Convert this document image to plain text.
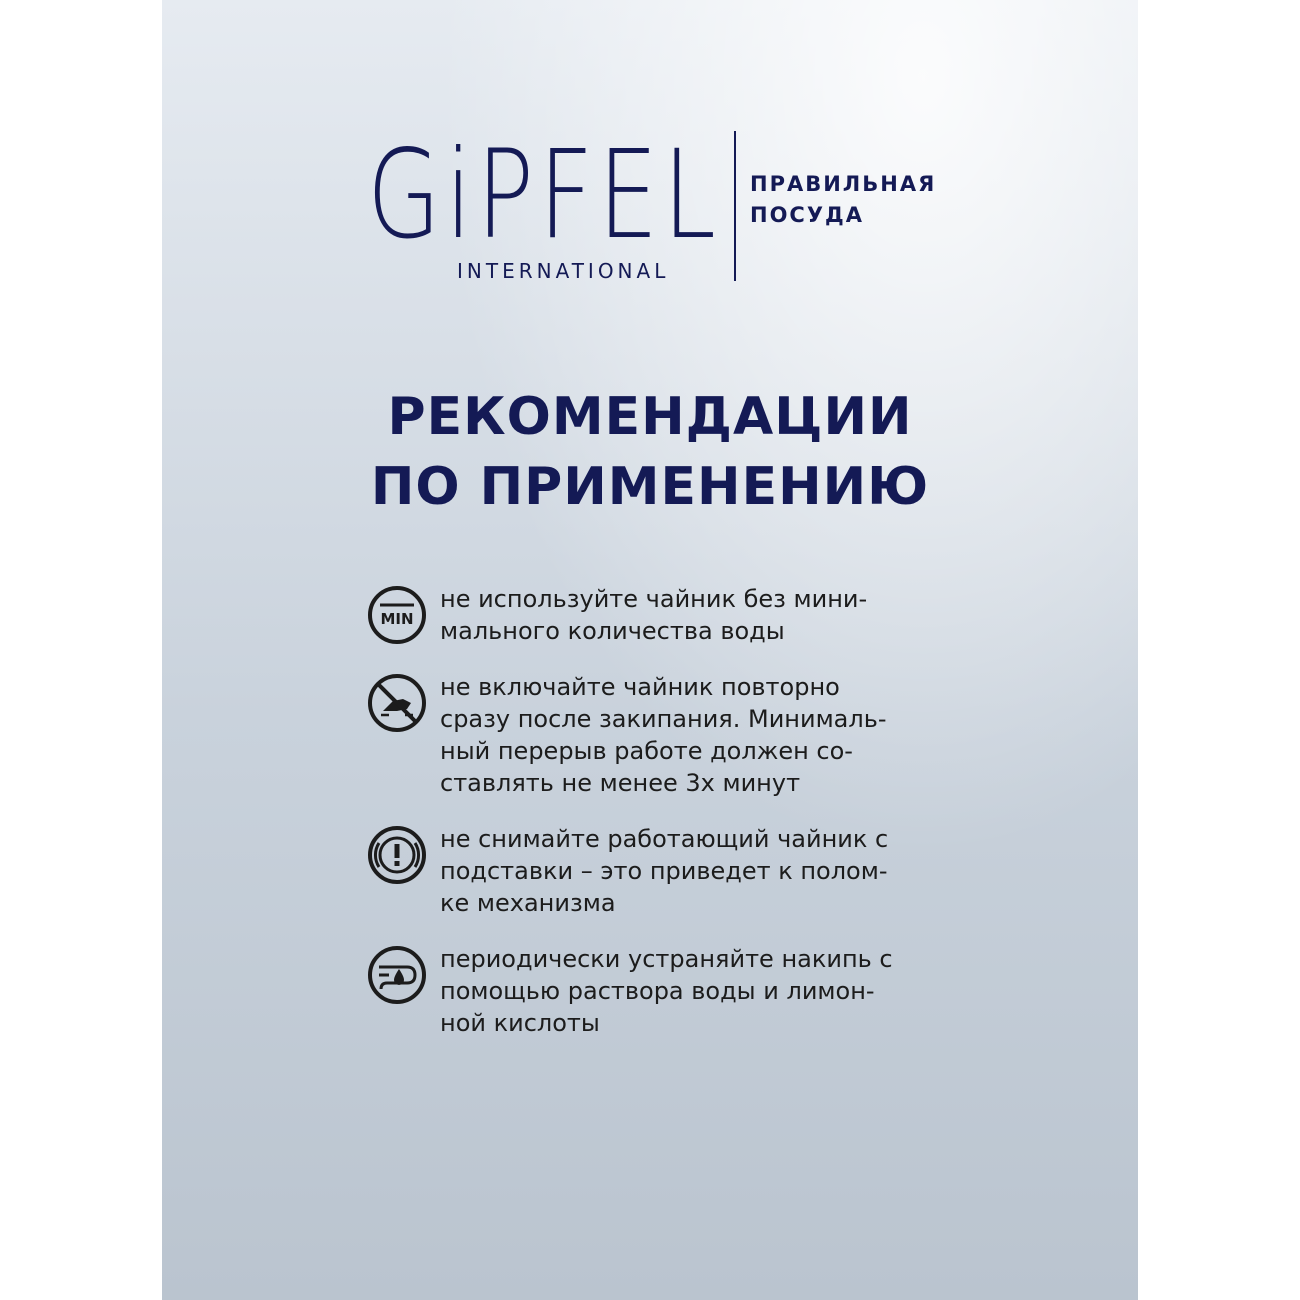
GiPFEL
INTERNATIONAL
ПРАВИЛЬНАЯ
ПОСУДА
РЕКОМЕНДАЦИИ
ПО ПРИМЕНЕНИЮ
MIN
не используйте чайник без мини-
мального количества воды
не включайте чайник повторно
сразу после закипания. Минималь-
ный перерыв работе должен со-
ставлять не менее 3х минут
не снимайте работающий чайник с
подставки – это приведет к полом-
ке механизма
периодически устраняйте накипь с
помощью раствора воды и лимон-
ной кислоты
